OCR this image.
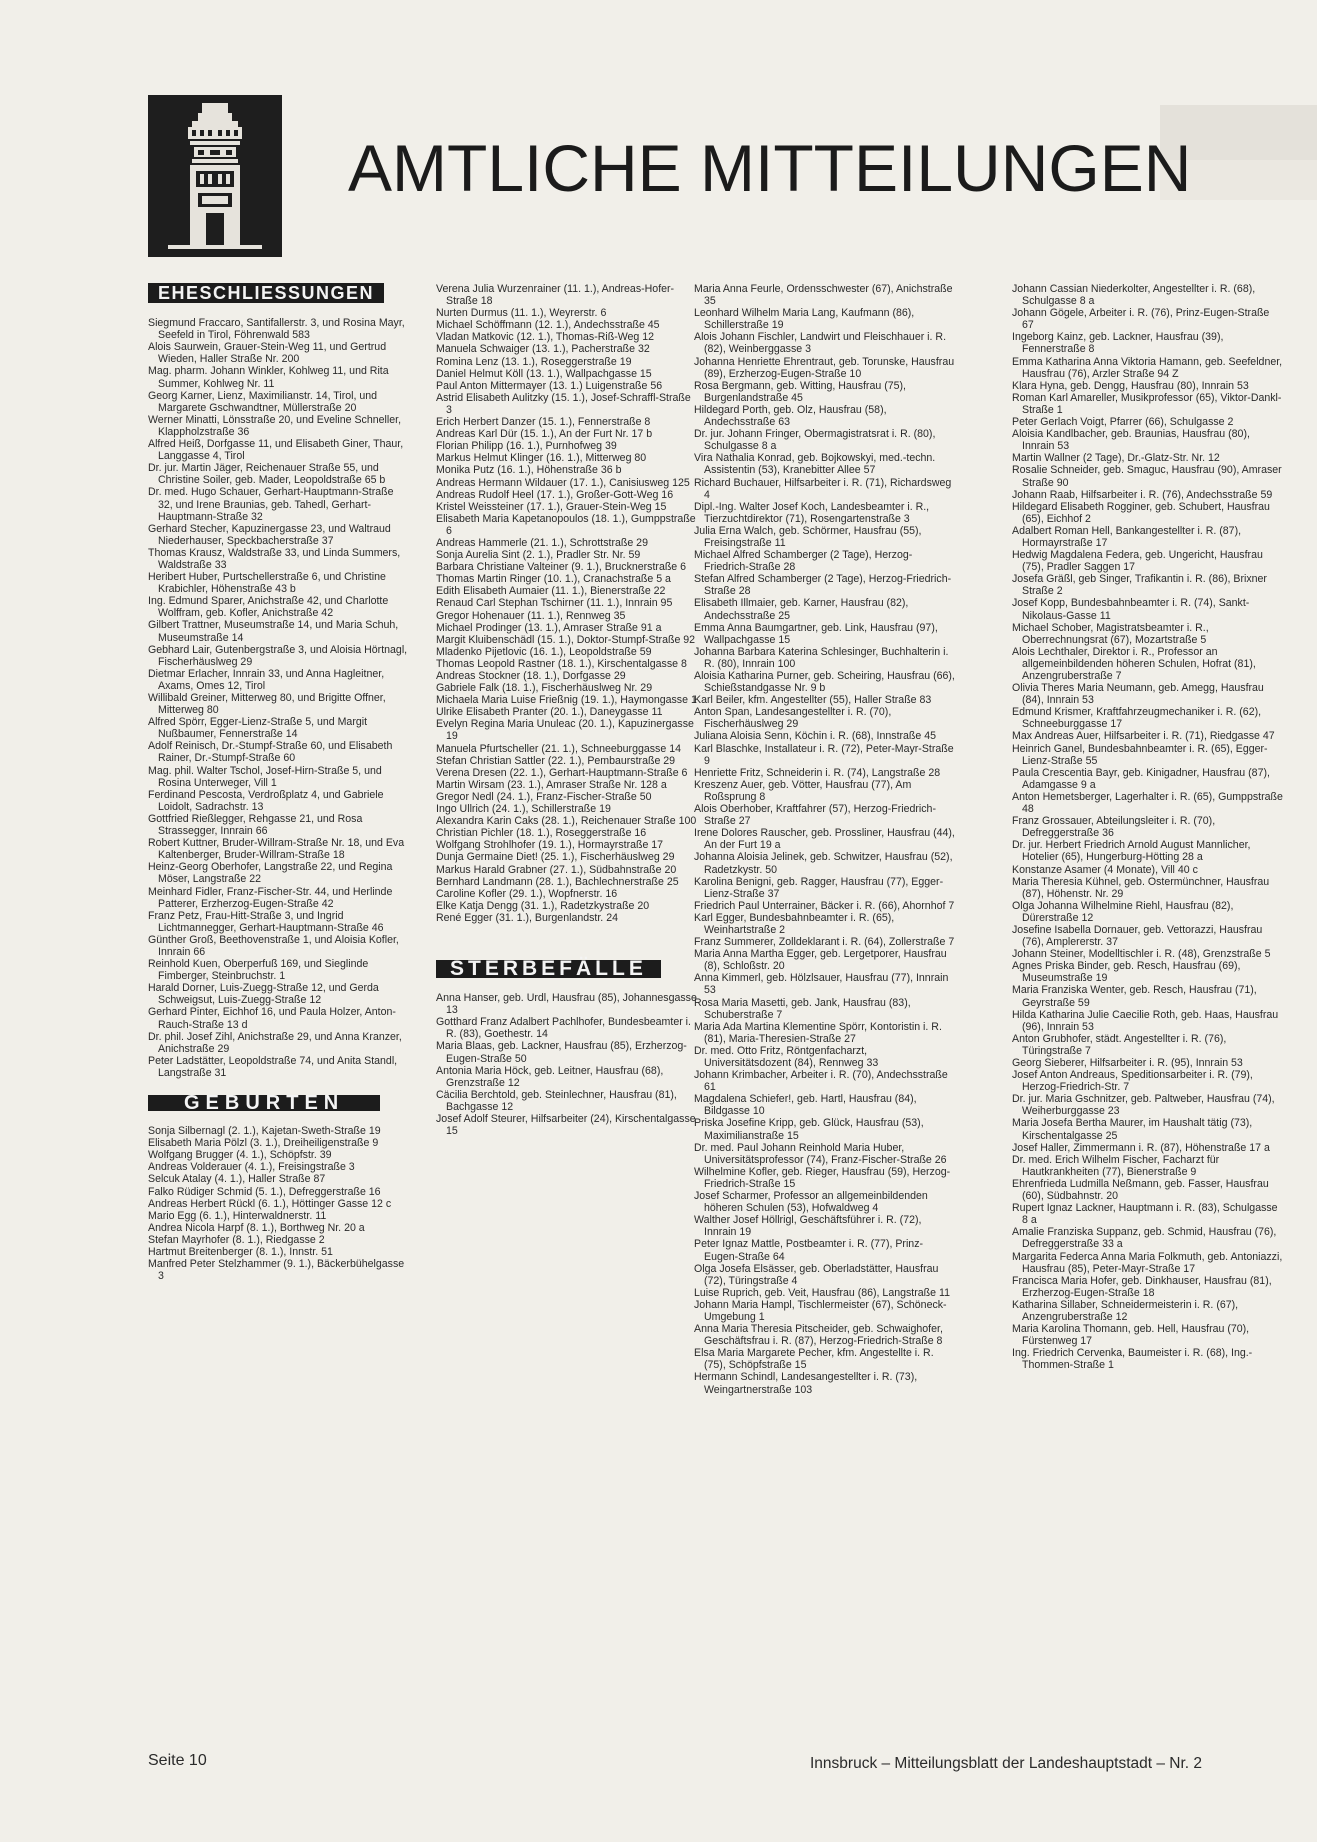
AMTLICHE MITTEILUNGEN
EHESCHLIESSUNGEN
Siegmund Fraccaro, Santifallerstr. 3, und Rosina Mayr, Seefeld in Tirol, Föhrenwald 583
Alois Saurwein, Grauer-Stein-Weg 11, und Gertrud Wieden, Haller Straße Nr. 200
Mag. pharm. Johann Winkler, Kohlweg 11, und Rita Summer, Kohlweg Nr. 11
Georg Karner, Lienz, Maximilianstr. 14, Tirol, und Margarete Gschwandtner, Müllerstraße 20
Werner Minatti, Lönsstraße 20, und Eveline Schneller, Klappholzstraße 36
Alfred Heiß, Dorfgasse 11, und Elisabeth Giner, Thaur, Langgasse 4, Tirol
Dr. jur. Martin Jäger, Reichenauer Straße 55, und Christine Soiler, geb. Mader, Leopoldstraße 65 b
Dr. med. Hugo Schauer, Gerhart-Hauptmann-Straße 32, und Irene Braunias, geb. Tahedl, Gerhart-Hauptmann-Straße 32
Gerhard Stecher, Kapuzinergasse 23, und Waltraud Niederhauser, Speckbacherstraße 37
Thomas Krausz, Waldstraße 33, und Linda Summers, Waldstraße 33
Heribert Huber, Purtschellerstraße 6, und Christine Krabichler, Höhenstraße 43 b
Ing. Edmund Sparer, Anichstraße 42, und Charlotte Wolffram, geb. Kofler, Anichstraße 42
Gilbert Trattner, Museumstraße 14, und Maria Schuh, Museumstraße 14
Gebhard Lair, Gutenbergstraße 3, und Aloisia Hörtnagl, Fischerhäuslweg 29
Dietmar Erlacher, Innrain 33, und Anna Hagleitner, Axams, Omes 12, Tirol
Willibald Greiner, Mitterweg 80, und Brigitte Offner, Mitterweg 80
Alfred Spörr, Egger-Lienz-Straße 5, und Margit Nußbaumer, Fennerstraße 14
Adolf Reinisch, Dr.-Stumpf-Straße 60, und Elisabeth Rainer, Dr.-Stumpf-Straße 60
Mag. phil. Walter Tschol, Josef-Hirn-Straße 5, und Rosina Unterweger, Vill 1
Ferdinand Pescosta, Verdroßplatz 4, und Gabriele Loidolt, Sadrachstr. 13
Gottfried Rießlegger, Rehgasse 21, und Rosa Strassegger, Innrain 66
Robert Kuttner, Bruder-Willram-Straße Nr. 18, und Eva Kaltenberger, Bruder-Willram-Straße 18
Heinz-Georg Oberhofer, Langstraße 22, und Regina Möser, Langstraße 22
Meinhard Fidler, Franz-Fischer-Str. 44, und Herlinde Patterer, Erzherzog-Eugen-Straße 42
Franz Petz, Frau-Hitt-Straße 3, und Ingrid Lichtmannegger, Gerhart-Hauptmann-Straße 46
Günther Groß, Beethovenstraße 1, und Aloisia Kofler, Innrain 66
Reinhold Kuen, Oberperfuß 169, und Sieglinde Fimberger, Steinbruchstr. 1
Harald Dorner, Luis-Zuegg-Straße 12, und Gerda Schweigsut, Luis-Zuegg-Straße 12
Gerhard Pinter, Eichhof 16, und Paula Holzer, Anton-Rauch-Straße 13 d
Dr. phil. Josef Zihl, Anichstraße 29, und Anna Kranzer, Anichstraße 29
Peter Ladstätter, Leopoldstraße 74, und Anita Standl, Langstraße 31
GEBURTEN
Sonja Silbernagl (2. 1.), Kajetan-Sweth-Straße 19
Elisabeth Maria Pölzl (3. 1.), Dreiheiligenstraße 9
Wolfgang Brugger (4. 1.), Schöpfstr. 39
Andreas Volderauer (4. 1.), Freisingstraße 3
Selcuk Atalay (4. 1.), Haller Straße 87
Falko Rüdiger Schmid (5. 1.), Defreggerstraße 16
Andreas Herbert Rückl (6. 1.), Höttinger Gasse 12 c
Mario Egg (6. 1.), Hinterwaldnerstr. 11
Andrea Nicola Harpf (8. 1.), Borthweg Nr. 20 a
Stefan Mayrhofer (8. 1.), Riedgasse 2
Hartmut Breitenberger (8. 1.), Innstr. 51
Manfred Peter Stelzhammer (9. 1.), Bäckerbühelgasse 3
Verena Julia Wurzenrainer (11. 1.), Andreas-Hofer-Straße 18
Nurten Durmus (11. 1.), Weyrerstr. 6
Michael Schöffmann (12. 1.), Andechsstraße 45
Vladan Matkovic (12. 1.), Thomas-Riß-Weg 12
Manuela Schwaiger (13. 1.), Pacherstraße 32
Romina Lenz (13. 1.), Roseggerstraße 19
Daniel Helmut Köll (13. 1.), Wallpachgasse 15
Paul Anton Mittermayer (13. 1.) Luigenstraße 56
Astrid Elisabeth Aulitzky (15. 1.), Josef-Schraffl-Straße 3
Erich Herbert Danzer (15. 1.), Fennerstraße 8
Andreas Karl Dür (15. 1.), An der Furt Nr. 17 b
Florian Philipp (16. 1.), Purnhofweg 39
Markus Helmut Klinger (16. 1.), Mitterweg 80
Monika Putz (16. 1.), Höhenstraße 36 b
Andreas Hermann Wildauer (17. 1.), Canisiusweg 125
Andreas Rudolf Heel (17. 1.), Großer-Gott-Weg 16
Kristel Weissteiner (17. 1.), Grauer-Stein-Weg 15
Elisabeth Maria Kapetanopoulos (18. 1.), Gumppstraße 6
Andreas Hammerle (21. 1.), Schrottstraße 29
Sonja Aurelia Sint (2. 1.), Pradler Str. Nr. 59
Barbara Christiane Valteiner (9. 1.), Brucknerstraße 6
Thomas Martin Ringer (10. 1.), Cranachstraße 5 a
Edith Elisabeth Aumaier (11. 1.), Bienerstraße 22
Renaud Carl Stephan Tschirner (11. 1.), Innrain 95
Gregor Hohenauer (11. 1.), Rennweg 35
Michael Prodinger (13. 1.), Amraser Straße 91 a
Margit Kluibenschädl (15. 1.), Doktor-Stumpf-Straße 92
Mladenko Pijetlovic (16. 1.), Leopoldstraße 59
Thomas Leopold Rastner (18. 1.), Kirschentalgasse 8
Andreas Stockner (18. 1.), Dorfgasse 29
Gabriele Falk (18. 1.), Fischerhäuslweg Nr. 29
Michaela Maria Luise Frießnig (19. 1.), Haymongasse 1
Ulrike Elisabeth Pranter (20. 1.), Daneygasse 11
Evelyn Regina Maria Unuleac (20. 1.), Kapuzinergasse 19
Manuela Pfurtscheller (21. 1.), Schneeburggasse 14
Stefan Christian Sattler (22. 1.), Pembaurstraße 29
Verena Dresen (22. 1.), Gerhart-Hauptmann-Straße 6
Martin Wirsam (23. 1.), Amraser Straße Nr. 128 a
Gregor Nedl (24. 1.), Franz-Fischer-Straße 50
Ingo Ullrich (24. 1.), Schillerstraße 19
Alexandra Karin Caks (28. 1.), Reichenauer Straße 100
Christian Pichler (18. 1.), Roseggerstraße 16
Wolfgang Strohlhofer (19. 1.), Hormayrstraße 17
Dunja Germaine Diet! (25. 1.), Fischerhäuslweg 29
Markus Harald Grabner (27. 1.), Südbahnstraße 20
Bernhard Landmann (28. 1.), Bachlechnerstraße 25
Caroline Kofler (29. 1.), Wopfnerstr. 16
Elke Katja Dengg (31. 1.), Radetzkystraße 20
René Egger (31. 1.), Burgenlandstr. 24
STERBEFÄLLE
Anna Hanser, geb. Urdl, Hausfrau (85), Johannesgasse 13
Gotthard Franz Adalbert Pachlhofer, Bundesbeamter i. R. (83), Goethestr. 14
Maria Blaas, geb. Lackner, Hausfrau (85), Erzherzog-Eugen-Straße 50
Antonia Maria Höck, geb. Leitner, Hausfrau (68), Grenzstraße 12
Cäcilia Berchtold, geb. Steinlechner, Hausfrau (81), Bachgasse 12
Josef Adolf Steurer, Hilfsarbeiter (24), Kirschentalgasse 15
Maria Anna Feurle, Ordensschwester (67), Anichstraße 35
Leonhard Wilhelm Maria Lang, Kaufmann (86), Schillerstraße 19
Alois Johann Fischler, Landwirt und Fleischhauer i. R. (82), Weinberggasse 3
Johanna Henriette Ehrentraut, geb. Torunske, Hausfrau (89), Erzherzog-Eugen-Straße 10
Rosa Bergmann, geb. Witting, Hausfrau (75), Burgenlandstraße 45
Hildegard Porth, geb. Olz, Hausfrau (58), Andechsstraße 63
Dr. jur. Johann Fringer, Obermagistratsrat i. R. (80), Schulgasse 8 a
Vira Nathalia Konrad, geb. Bojkowskyi, med.-techn. Assistentin (53), Kranebitter Allee 57
Richard Buchauer, Hilfsarbeiter i. R. (71), Richardsweg 4
Dipl.-Ing. Walter Josef Koch, Landesbeamter i. R., Tierzuchtdirektor (71), Rosengartenstraße 3
Julia Erna Walch, geb. Schörmer, Hausfrau (55), Freisingstraße 11
Michael Alfred Schamberger (2 Tage), Herzog-Friedrich-Straße 28
Stefan Alfred Schamberger (2 Tage), Herzog-Friedrich-Straße 28
Elisabeth Illmaier, geb. Karner, Hausfrau (82), Andechsstraße 25
Emma Anna Baumgartner, geb. Link, Hausfrau (97), Wallpachgasse 15
Johanna Barbara Katerina Schlesinger, Buchhalterin i. R. (80), Innrain 100
Aloisia Katharina Purner, geb. Scheiring, Hausfrau (66), Schießstandgasse Nr. 9 b
Karl Beiler, kfm. Angestellter (55), Haller Straße 83
Anton Span, Landesangestellter i. R. (70), Fischerhäuslweg 29
Juliana Aloisia Senn, Köchin i. R. (68), Innstraße 45
Karl Blaschke, Installateur i. R. (72), Peter-Mayr-Straße 9
Henriette Fritz, Schneiderin i. R. (74), Langstraße 28
Kreszenz Auer, geb. Vötter, Hausfrau (77), Am Roßsprung 8
Alois Oberhober, Kraftfahrer (57), Herzog-Friedrich-Straße 27
Irene Dolores Rauscher, geb. Prossliner, Hausfrau (44), An der Furt 19 a
Johanna Aloisia Jelinek, geb. Schwitzer, Hausfrau (52), Radetzkystr. 50
Karolina Benigni, geb. Ragger, Hausfrau (77), Egger-Lienz-Straße 37
Friedrich Paul Unterrainer, Bäcker i. R. (66), Ahornhof 7
Karl Egger, Bundesbahnbeamter i. R. (65), Weinhartstraße 2
Franz Summerer, Zolldeklarant i. R. (64), Zollerstraße 7
Maria Anna Martha Egger, geb. Lergetporer, Hausfrau (8), Schloßstr. 20
Anna Kimmerl, geb. Hölzlsauer, Hausfrau (77), Innrain 53
Rosa Maria Masetti, geb. Jank, Hausfrau (83), Schuberstraße 7
Maria Ada Martina Klementine Spörr, Kontoristin i. R. (81), Maria-Theresien-Straße 27
Dr. med. Otto Fritz, Röntgenfacharzt, Universitätsdozent (84), Rennweg 33
Johann Krimbacher, Arbeiter i. R. (70), Andechsstraße 61
Magdalena Schiefer!, geb. Hartl, Hausfrau (84), Bildgasse 10
Priska Josefine Kripp, geb. Glück, Hausfrau (53), Maximilianstraße 15
Dr. med. Paul Johann Reinhold Maria Huber, Universitätsprofessor (74), Franz-Fischer-Straße 26
Wilhelmine Kofler, geb. Rieger, Hausfrau (59), Herzog-Friedrich-Straße 15
Josef Scharmer, Professor an allgemeinbildenden höheren Schulen (53), Hofwaldweg 4
Walther Josef Höllrigl, Geschäftsführer i. R. (72), Innrain 19
Peter Ignaz Mattle, Postbeamter i. R. (77), Prinz-Eugen-Straße 64
Olga Josefa Elsässer, geb. Oberladstätter, Hausfrau (72), Türingstraße 4
Luise Ruprich, geb. Veit, Hausfrau (86), Langstraße 11
Johann Maria Hampl, Tischlermeister (67), Schöneck-Umgebung 1
Anna Maria Theresia Pitscheider, geb. Schwaighofer, Geschäftsfrau i. R. (87), Herzog-Friedrich-Straße 8
Elsa Maria Margarete Pecher, kfm. Angestellte i. R. (75), Schöpfstraße 15
Hermann Schindl, Landesangestellter i. R. (73), Weingartnerstraße 103
Johann Cassian Niederkolter, Angestellter i. R. (68), Schulgasse 8 a
Johann Gögele, Arbeiter i. R. (76), Prinz-Eugen-Straße 67
Ingeborg Kainz, geb. Lackner, Hausfrau (39), Fennerstraße 8
Emma Katharina Anna Viktoria Hamann, geb. Seefeldner, Hausfrau (76), Arzler Straße 94 Z
Klara Hyna, geb. Dengg, Hausfrau (80), Innrain 53
Roman Karl Amareller, Musikprofessor (65), Viktor-Dankl-Straße 1
Peter Gerlach Voigt, Pfarrer (66), Schulgasse 2
Aloisia Kandlbacher, geb. Braunias, Hausfrau (80), Innrain 53
Martin Wallner (2 Tage), Dr.-Glatz-Str. Nr. 12
Rosalie Schneider, geb. Smaguc, Hausfrau (90), Amraser Straße 90
Johann Raab, Hilfsarbeiter i. R. (76), Andechsstraße 59
Hildegard Elisabeth Rogginer, geb. Schubert, Hausfrau (65), Eichhof 2
Adalbert Roman Hell, Bankangestellter i. R. (87), Hormayrstraße 17
Hedwig Magdalena Federa, geb. Ungericht, Hausfrau (75), Pradler Saggen 17
Josefa Gräßl, geb Singer, Trafikantin i. R. (86), Brixner Straße 2
Josef Kopp, Bundesbahnbeamter i. R. (74), Sankt-Nikolaus-Gasse 11
Michael Schober, Magistratsbeamter i. R., Oberrechnungsrat (67), Mozartstraße 5
Alois Lechthaler, Direktor i. R., Professor an allgemeinbildenden höheren Schulen, Hofrat (81), Anzengruberstraße 7
Olivia Theres Maria Neumann, geb. Amegg, Hausfrau (84), Innrain 53
Edmund Krismer, Kraftfahrzeugmechaniker i. R. (62), Schneeburggasse 17
Max Andreas Auer, Hilfsarbeiter i. R. (71), Riedgasse 47
Heinrich Ganel, Bundesbahnbeamter i. R. (65), Egger-Lienz-Straße 55
Paula Crescentia Bayr, geb. Kinigadner, Hausfrau (87), Adamgasse 9 a
Anton Hemetsberger, Lagerhalter i. R. (65), Gumppstraße 48
Franz Grossauer, Abteilungsleiter i. R. (70), Defreggerstraße 36
Dr. jur. Herbert Friedrich Arnold August Mannlicher, Hotelier (65), Hungerburg-Hötting 28 a
Konstanze Asamer (4 Monate), Vill 40 c
Maria Theresia Kühnel, geb. Ostermünchner, Hausfrau (87), Höhenstr. Nr. 29
Olga Johanna Wilhelmine Riehl, Hausfrau (82), Dürerstraße 12
Josefine Isabella Dornauer, geb. Vettorazzi, Hausfrau (76), Amplererstr. 37
Johann Steiner, Modelltischler i. R. (48), Grenzstraße 5
Agnes Priska Binder, geb. Resch, Hausfrau (69), Museumstraße 19
Maria Franziska Wenter, geb. Resch, Hausfrau (71), Geyrstraße 59
Hilda Katharina Julie Caecilie Roth, geb. Haas, Hausfrau (96), Innrain 53
Anton Grubhofer, städt. Angestellter i. R. (76), Türingstraße 7
Georg Sieberer, Hilfsarbeiter i. R. (95), Innrain 53
Josef Anton Andreaus, Speditionsarbeiter i. R. (79), Herzog-Friedrich-Str. 7
Dr. jur. Maria Gschnitzer, geb. Paltweber, Hausfrau (74), Weiherburggasse 23
Maria Josefa Bertha Maurer, im Haushalt tätig (73), Kirschentalgasse 25
Josef Haller, Zimmermann i. R. (87), Höhenstraße 17 a
Dr. med. Erich Wilhelm Fischer, Facharzt für Hautkrankheiten (77), Bienerstraße 9
Ehrenfrieda Ludmilla Neßmann, geb. Fasser, Hausfrau (60), Südbahnstr. 20
Rupert Ignaz Lackner, Hauptmann i. R. (83), Schulgasse 8 a
Amalie Franziska Suppanz, geb. Schmid, Hausfrau (76), Defreggerstraße 33 a
Margarita Federca Anna Maria Folkmuth, geb. Antoniazzi, Hausfrau (85), Peter-Mayr-Straße 17
Francisca Maria Hofer, geb. Dinkhauser, Hausfrau (81), Erzherzog-Eugen-Straße 18
Katharina Sillaber, Schneidermeisterin i. R. (67), Anzengruberstraße 12
Maria Karolina Thomann, geb. Hell, Hausfrau (70), Fürstenweg 17
Ing. Friedrich Cervenka, Baumeister i. R. (68), Ing.-Thommen-Straße 1
Seite 10	Innsbruck – Mitteilungsblatt der Landeshauptstadt – Nr. 2
